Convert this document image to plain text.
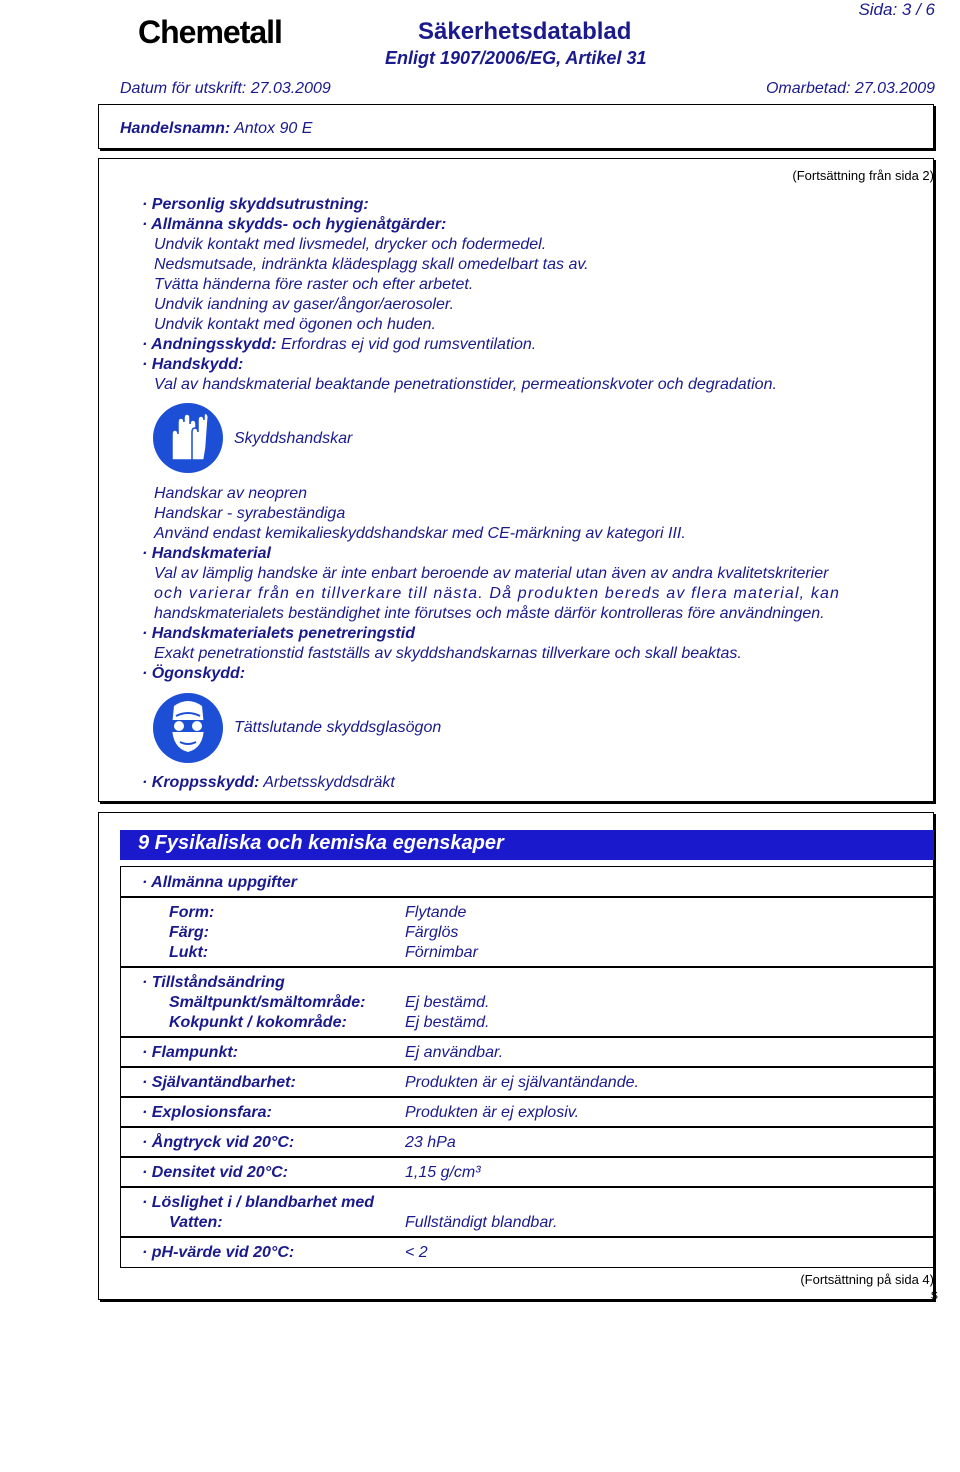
Sida: 3 / 6
Chemetall	Säkerhetsdatablad
Enligt 1907/2006/EG, Artikel 31
Datum för utskrift: 27.03.2009	Omarbetad: 27.03.2009
Handelsnamn: Antox 90 E
(Fortsättning från sida 2)
· Personlig skyddsutrustning:
· Allmänna skydds- och hygienåtgärder:
Undvik kontakt med livsmedel, drycker och fodermedel.
Nedsmutsade, indränkta klädesplagg skall omedelbart tas av.
Tvätta händerna före raster och efter arbetet.
Undvik iandning av gaser/ångor/aerosoler.
Undvik kontakt med ögonen och huden.
· Andningsskydd: Erfordras ej vid god rumsventilation.
· Handskydd:
Val av handskmaterial beaktande penetrationstider, permeationskvoter och degradation.
Skyddshandskar
Handskar av neopren
Handskar - syrabeständiga
Använd endast kemikalieskyddshandskar med CE-märkning av kategori III.
· Handskmaterial
Val av lämplig handske är inte enbart beroende av material utan även av andra kvalitetskriterier
och varierar från en tillverkare till nästa. Då produkten bereds av flera material, kan
handskmaterialets beständighet inte förutses och måste därför kontrolleras före användningen.
· Handskmaterialets penetreringstid
Exakt penetrationstid fastställs av skyddshandskarnas tillverkare och skall beaktas.
· Ögonskydd:
Tättslutande skyddsglasögon
· Kroppsskydd: Arbetsskyddsdräkt
9 Fysikaliska och kemiska egenskaper
· Allmänna uppgifter
Form:	Flytande
Färg:	Färglös
Lukt:	Förnimbar
· Tillståndsändring
Smältpunkt/smältområde: Ej bestämd.
Kokpunkt / kokområde:	Ej bestämd.
· Flampunkt:	Ej användbar.
· Självantändbarhet:	Produkten är ej självantändande.
· Explosionsfara:	Produkten är ej explosiv.
· Ångtryck vid 20°C:	23 hPa
· Densitet vid 20°C:	1,15 g/cm³
· Löslighet i / blandbarhet med
Vatten:	Fullständigt blandbar.
· pH-värde vid 20°C:	< 2
(Fortsättning på sida 4)
S
